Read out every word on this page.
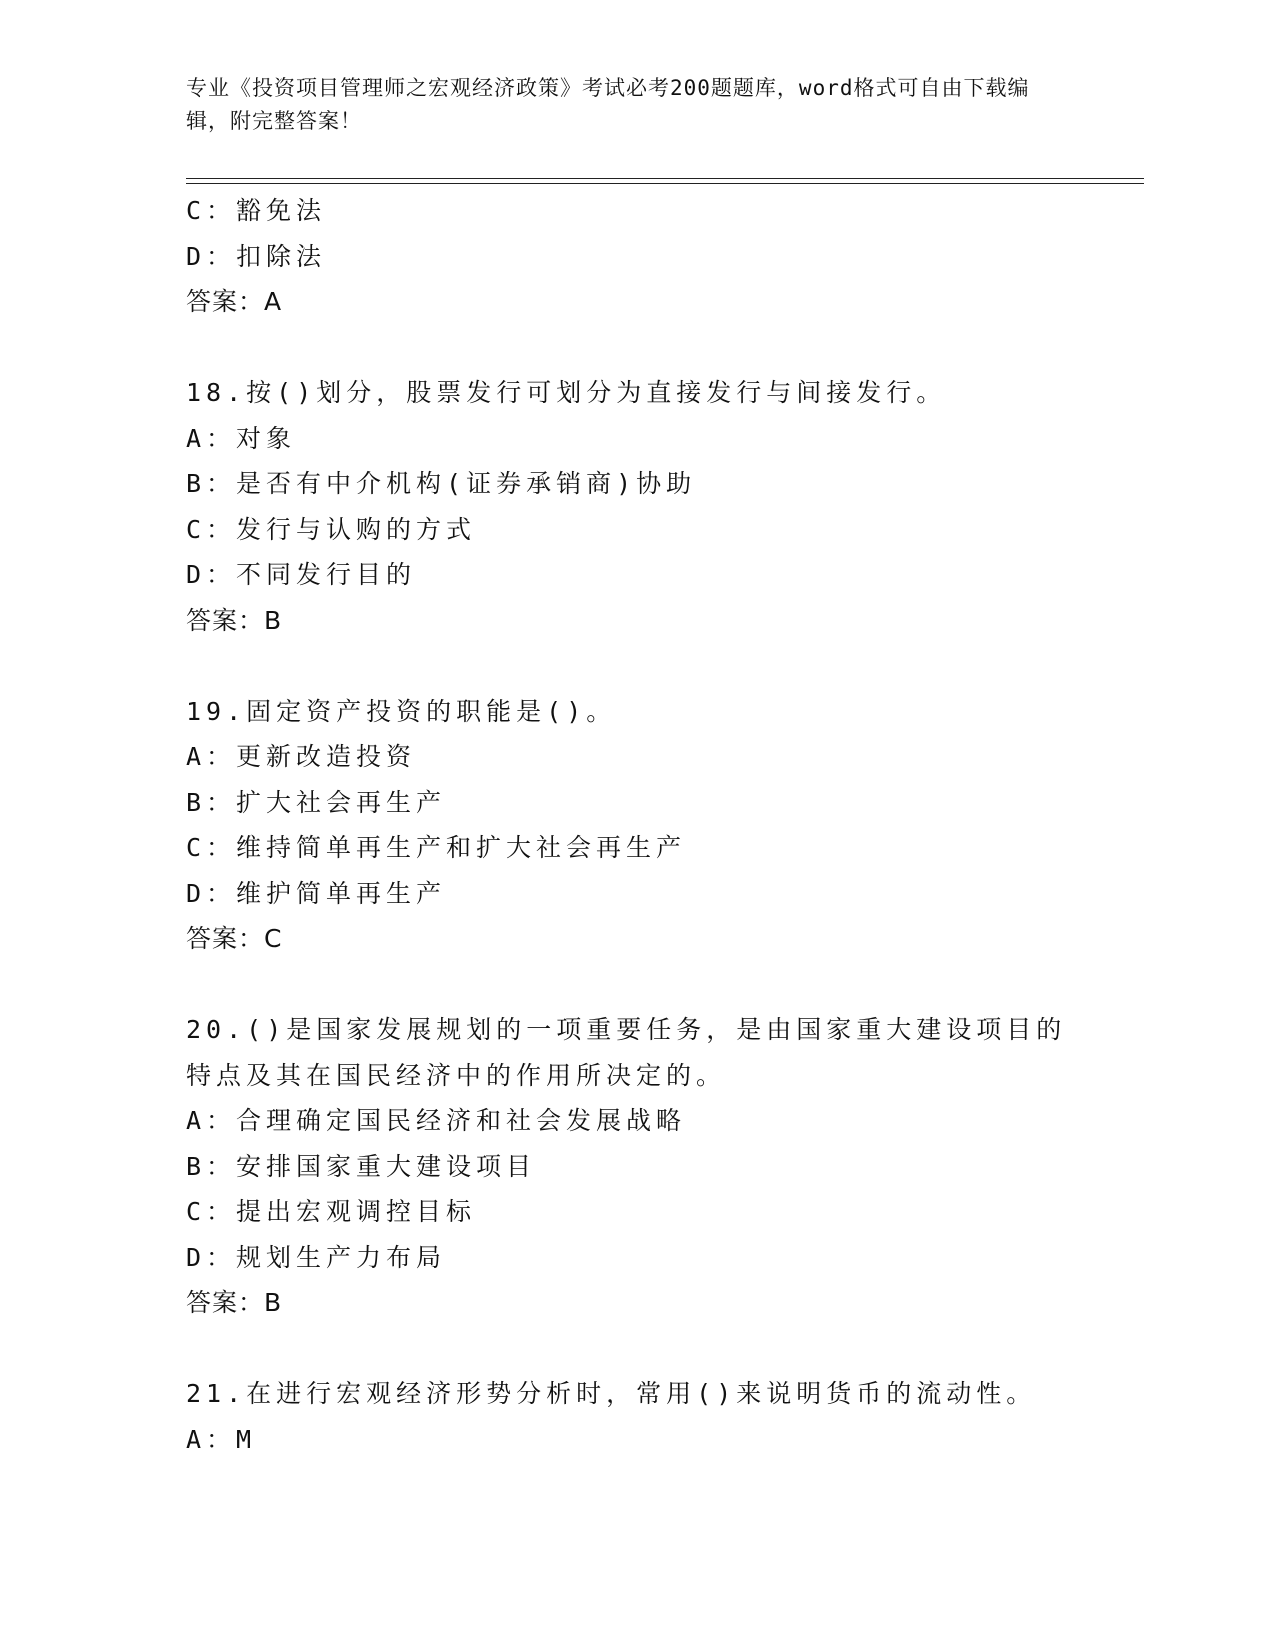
专业《投资项目管理师之宏观经济政策》考试必考200题题库，word格式可自由下载编辑，附完整答案！
C：豁免法
D：扣除法
答案：A
18.按()划分，股票发行可划分为直接发行与间接发行。
A：对象
B：是否有中介机构(证券承销商)协助
C：发行与认购的方式
D：不同发行目的
答案：B
19.固定资产投资的职能是()。
A：更新改造投资
B：扩大社会再生产
C：维持简单再生产和扩大社会再生产
D：维护简单再生产
答案：C
20.()是国家发展规划的一项重要任务，是由国家重大建设项目的特点及其在国民经济中的作用所决定的。
A：合理确定国民经济和社会发展战略
B：安排国家重大建设项目
C：提出宏观调控目标
D：规划生产力布局
答案：B
21.在进行宏观经济形势分析时，常用()来说明货币的流动性。
A：M
